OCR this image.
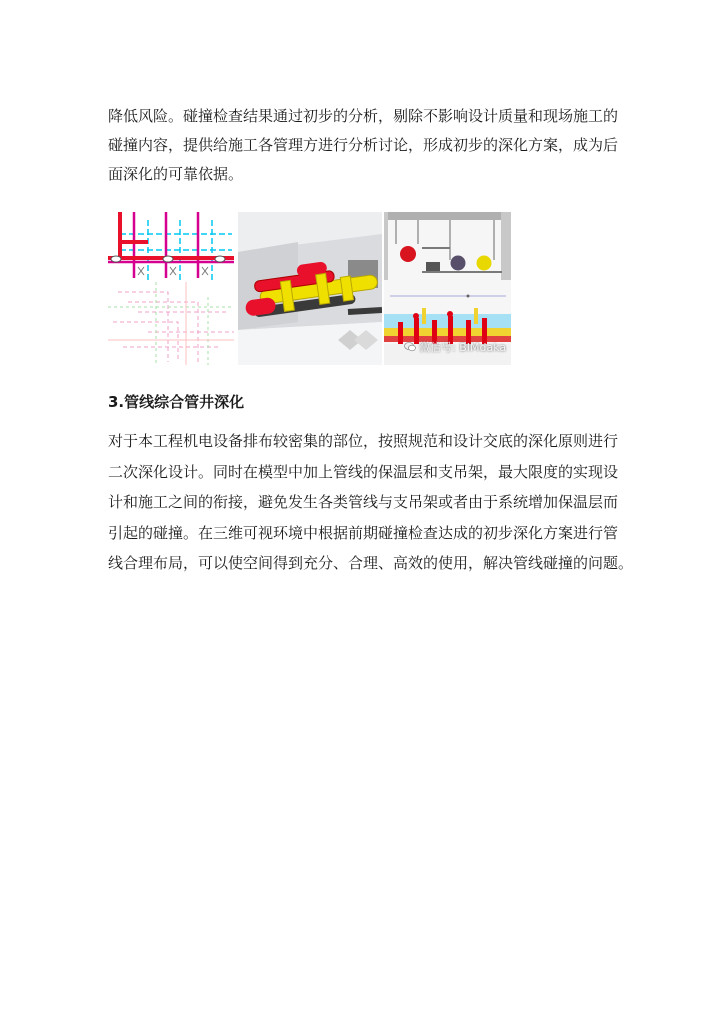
降低风险。碰撞检查结果通过初步的分析，剔除不影响设计质量和现场施工的
碰撞内容，提供给施工各管理方进行分析讨论，形成初步的深化方案，成为后
面深化的可靠依据。
微信号: BIMdaka
3.管线综合管井深化
对于本工程机电设备排布较密集的部位，按照规范和设计交底的深化原则进行
二次深化设计。同时在模型中加上管线的保温层和支吊架，最大限度的实现设
计和施工之间的衔接，避免发生各类管线与支吊架或者由于系统增加保温层而
引起的碰撞。在三维可视环境中根据前期碰撞检查达成的初步深化方案进行管
线合理布局，可以使空间得到充分、合理、高效的使用，解决管线碰撞的问题。
